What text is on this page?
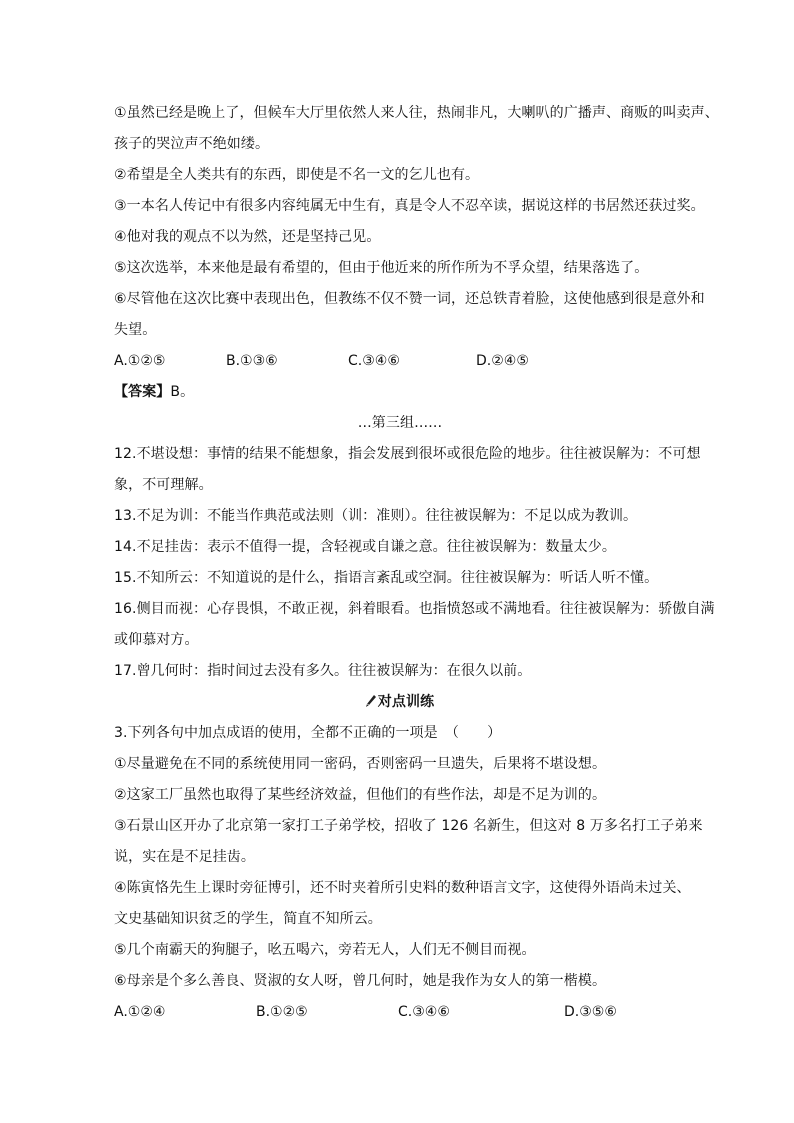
①虽然已经是晚上了，但候车大厅里依然人来人往，热闹非凡，大喇叭的广播声、商贩的叫卖声、
孩子的哭泣声不绝如缕。
②希望是全人类共有的东西，即使是不名一文的乞儿也有。
③一本名人传记中有很多内容纯属无中生有，真是令人不忍卒读，据说这样的书居然还获过奖。
④他对我的观点不以为然，还是坚持己见。
⑤这次选举，本来他是最有希望的，但由于他近来的所作所为不孚众望，结果落选了。
⑥尽管他在这次比赛中表现出色，但教练不仅不赞一词，还总铁青着脸，这使他感到很是意外和
失望。
A.①②⑤	B.①③⑥	C.③④⑥	D.②④⑤
【答案】B。
…第三组……
12.不堪设想：事情的结果不能想象，指会发展到很坏或很危险的地步。往往被误解为：不可想
象，不可理解。
13.不足为训：不能当作典范或法则（训：准则）。往往被误解为：不足以成为教训。
14.不足挂齿：表示不值得一提，含轻视或自谦之意。往往被误解为：数量太少。
15.不知所云：不知道说的是什么，指语言紊乱或空洞。往往被误解为：听话人听不懂。
16.侧目而视：心存畏惧，不敢正视，斜着眼看。也指愤怒或不满地看。往往被误解为：骄傲自满
或仰慕对方。
17.曾几何时：指时间过去没有多久。往往被误解为：在很久以前。
对点训练
3.下列各句中加点成语的使用，全都不正确的一项是　（　　）
①尽量避免在不同的系统使用同一密码，否则密码一旦遗失，后果将不堪设想。
②这家工厂虽然也取得了某些经济效益，但他们的有些作法，却是不足为训的。
③石景山区开办了北京第一家打工子弟学校，招收了 126 名新生，但这对 8 万多名打工子弟来
说，实在是不足挂齿。
④陈寅恪先生上课时旁征博引，还不时夹着所引史料的数种语言文字，这使得外语尚未过关、
文史基础知识贫乏的学生，简直不知所云。
⑤几个南霸天的狗腿子，吆五喝六，旁若无人，人们无不侧目而视。
⑥母亲是个多么善良、贤淑的女人呀，曾几何时，她是我作为女人的第一楷模。
A.①②④	B.①②⑤	C.③④⑥	D.③⑤⑥
